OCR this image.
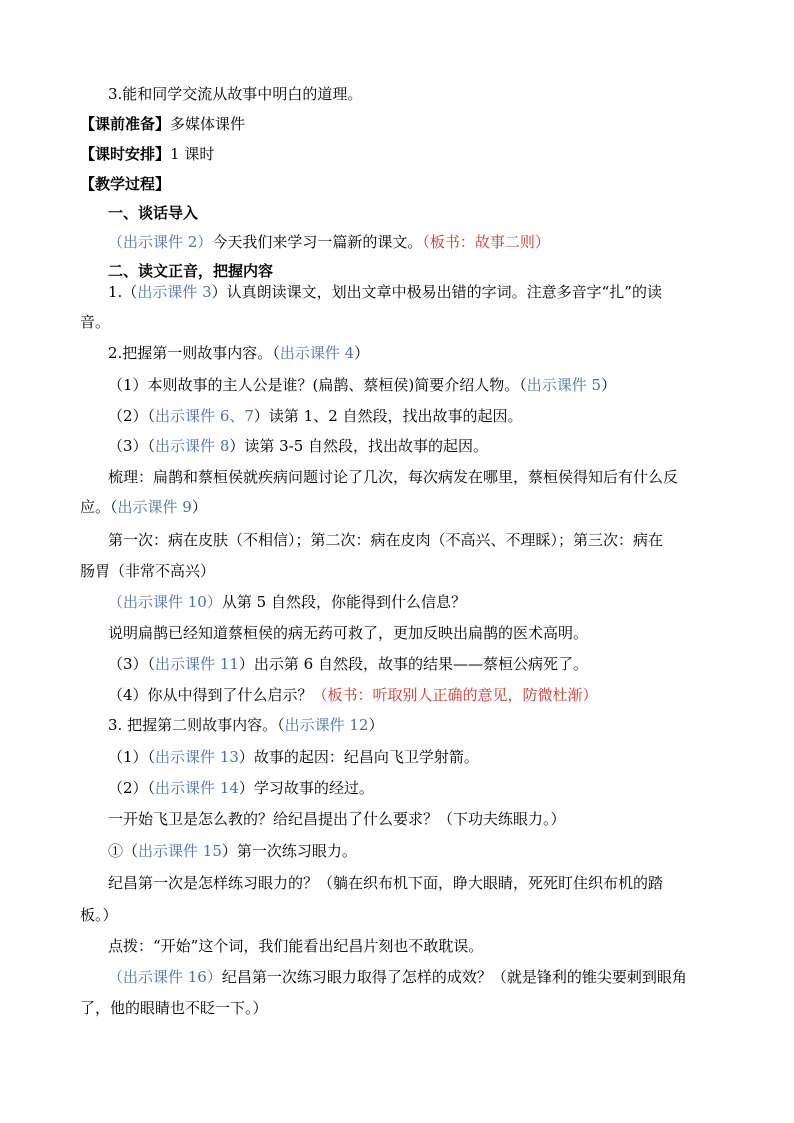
3.能和同学交流从故事中明白的道理。
【课前准备】多媒体课件
【课时安排】1 课时
【教学过程】
一、谈话导入
（出示课件 2）今天我们来学习一篇新的课文。（板书：故事二则）
二、读文正音，把握内容
1.（出示课件 3）认真朗读课文，划出文章中极易出错的字词。注意多音字“扎”的读
音。
2.把握第一则故事内容。（出示课件 4）
（1）本则故事的主人公是谁？(扁鹊、蔡桓侯)简要介绍人物。（出示课件 5）
（2）（出示课件 6、7）读第 1、2 自然段，找出故事的起因。
（3）（出示课件 8）读第 3-5 自然段，找出故事的起因。
梳理：扁鹊和蔡桓侯就疾病问题讨论了几次，每次病发在哪里，蔡桓侯得知后有什么反
应。（出示课件 9）
第一次：病在皮肤（不相信）；第二次：病在皮肉（不高兴、不理睬）；第三次：病在
肠胃（非常不高兴）
（出示课件 10）从第 5 自然段，你能得到什么信息？
说明扁鹊已经知道蔡桓侯的病无药可救了，更加反映出扁鹊的医术高明。
（3）（出示课件 11）出示第 6 自然段，故事的结果——蔡桓公病死了。
（4）你从中得到了什么启示？（板书：听取别人正确的意见，防微杜渐）
3. 把握第二则故事内容。（出示课件 12）
（1）（出示课件 13）故事的起因：纪昌向飞卫学射箭。
（2）（出示课件 14）学习故事的经过。
一开始飞卫是怎么教的？给纪昌提出了什么要求？（下功夫练眼力。）
①（出示课件 15）第一次练习眼力。
纪昌第一次是怎样练习眼力的？（躺在织布机下面，睁大眼睛，死死盯住织布机的踏
板。）
点拨：“开始”这个词，我们能看出纪昌片刻也不敢耽误。
（出示课件 16）纪昌第一次练习眼力取得了怎样的成效？（就是锋利的锥尖要刺到眼角
了，他的眼睛也不眨一下。）
